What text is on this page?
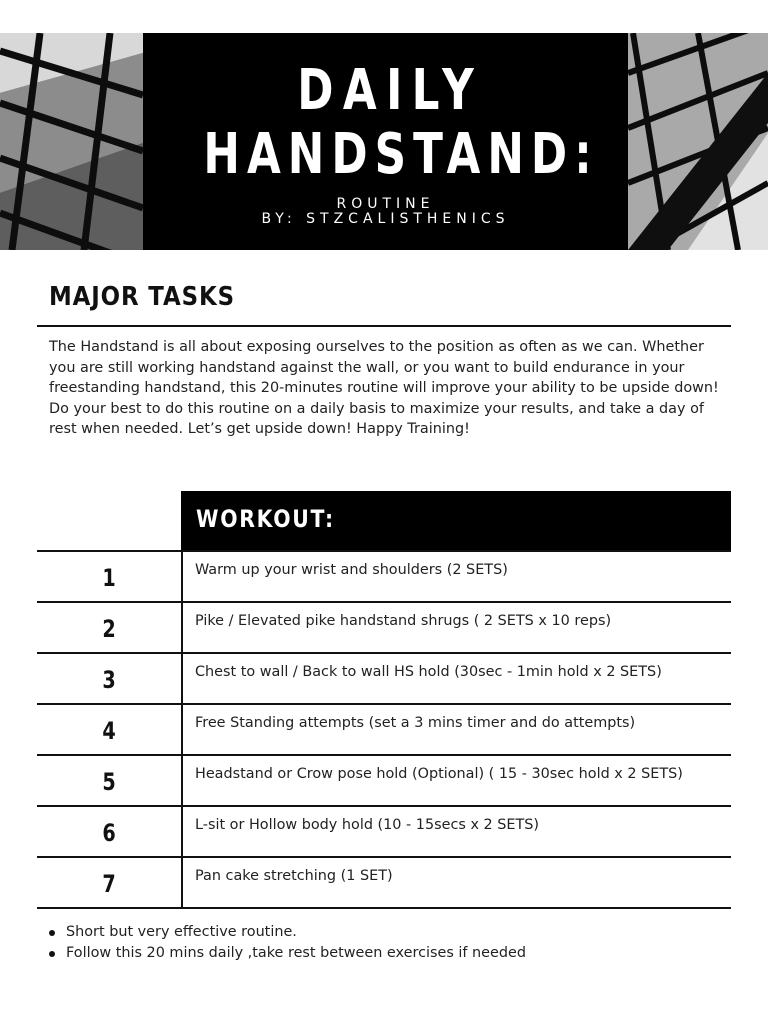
DAILY
HANDSTAND:
ROUTINE
BY: STZCALISTHENICS
MAJOR TASKS
The Handstand is all about exposing ourselves to the position as often as we can. Whether you are still working handstand against the wall, or you want to build endurance in your freestanding handstand, this 20-minutes routine will improve your ability to be upside down! Do your best to do this routine on a daily basis to maximize your results, and take a day of rest when needed. Let’s get upside down! Happy Training!
WORKOUT:
1	Warm up your wrist and shoulders (2 SETS)
2	Pike / Elevated pike handstand shrugs ( 2 SETS x 10 reps)
3	Chest to wall / Back to wall HS hold (30sec - 1min hold x 2 SETS)
4	Free Standing attempts (set a 3 mins timer and do attempts)
5	Headstand or Crow pose hold (Optional) ( 15 - 30sec hold x 2 SETS)
6	L-sit or Hollow body hold (10 - 15secs x 2 SETS)
7	Pan cake stretching (1 SET)
Short but very effective routine.
Follow this 20 mins daily ,take rest between exercises if needed
